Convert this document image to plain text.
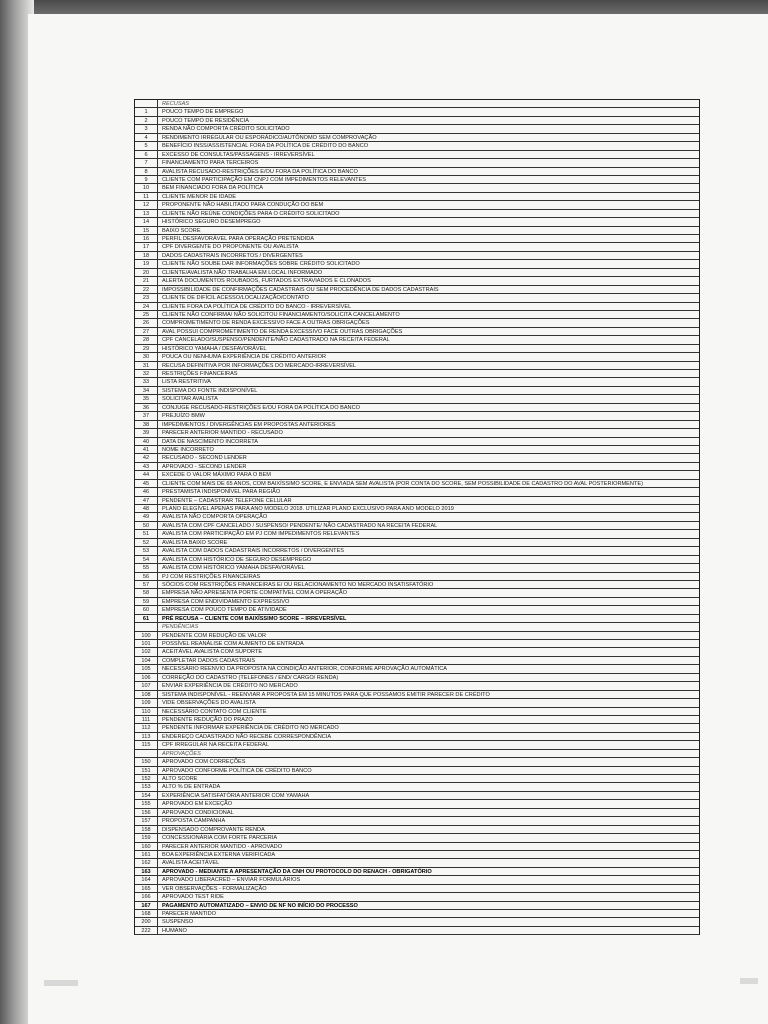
RECUSAS
1	POUCO TEMPO DE EMPREGO
2	POUCO TEMPO DE RESIDÊNCIA
3	RENDA NÃO COMPORTA CRÉDITO SOLICITADO
4	RENDIMENTO IRREGULAR OU ESPORÁDICO/AUTÔNOMO SEM COMPROVAÇÃO
5	BENEFÍCIO INSS/ASSISTENCIAL FORA DA POLÍTICA DE CRÉDITO DO BANCO
6	EXCESSO DE CONSULTAS/PASSAGENS - IRREVERSÍVEL
7	FINANCIAMENTO PARA TERCEIROS
8	AVALISTA RECUSADO-RESTRIÇÕES E/OU FORA DA POLÍTICA DO BANCO
9	CLIENTE COM PARTICIPAÇÃO EM CNPJ COM IMPEDIMENTOS RELEVANTES
10	BEM FINANCIADO FORA DA POLÍTICA
11	CLIENTE MENOR DE IDADE
12	PROPONENTE NÃO HABILITADO PARA CONDUÇÃO DO BEM
13	CLIENTE NÃO REÚNE CONDIÇÕES PARA O CRÉDITO SOLICITADO
14	HISTÓRICO SEGURO DESEMPREGO
15	BAIXO SCORE
16	PERFIL DESFAVORÁVEL PARA OPERAÇÃO PRETENDIDA
17	CPF DIVERGENTE DO PROPONENTE OU AVALISTA
18	DADOS CADASTRAIS INCORRETOS / DIVERGENTES
19	CLIENTE NÃO SOUBE DAR INFORMAÇÕES SOBRE CRÉDITO SOLICITADO
20	CLIENTE/AVALISTA NÃO TRABALHA EM LOCAL INFORMADO
21	ALERTA DOCUMENTOS ROUBADOS, FURTADOS EXTRAVIADOS E CLONADOS
22	IMPOSSIBILIDADE DE CONFIRMAÇÕES CADASTRAIS OU SEM PROCEDÊNCIA DE DADOS CADASTRAIS
23	CLIENTE DE DIFÍCIL ACESSO/LOCALIZAÇÃO/CONTATO
24	CLIENTE FORA DA POLÍTICA DE CRÉDITO DO BANCO - IRREVERSÍVEL
25	CLIENTE NÃO CONFIRMA/ NÃO SOLICITOU FINANCIAMENTO/SOLICITA CANCELAMENTO
26	COMPROMETIMENTO DE RENDA EXCESSIVO FACE A OUTRAS OBRIGAÇÕES
27	AVAL POSSUI COMPROMETIMENTO DE RENDA EXCESSIVO FACE OUTRAS OBRIGAÇÕES
28	CPF CANCELADO/SUSPENSO/PENDENTE/NÃO CADASTRADO NA RECEITA FEDERAL
29	HISTÓRICO YAMAHA / DESFAVORÁVEL
30	POUCA OU NENHUMA EXPERIÊNCIA DE CRÉDITO ANTERIOR
31	RECUSA DEFINITIVA POR INFORMAÇÕES DO MERCADO-IRREVERSÍVEL
32	RESTRIÇÕES FINANCEIRAS
33	LISTA RESTRITIVA
34	SISTEMA DO FONTE INDISPONÍVEL
35	SOLICITAR AVALISTA
36	CONJUGE RECUSADO-RESTRIÇÕES E/OU FORA DA POLÍTICA DO BANCO
37	PREJUÍZO BMW
38	IMPEDIMENTOS / DIVERGÊNCIAS EM PROPOSTAS ANTERIORES
39	PARECER ANTERIOR MANTIDO - RECUSADO
40	DATA DE NASCIMENTO INCORRETA
41	NOME INCORRETO
42	RECUSADO - SECOND LENDER
43	APROVADO - SECOND LENDER
44	EXCEDE O VALOR MÁXIMO PARA O BEM
45	CLIENTE COM MAIS DE 65 ANOS, COM BAIXÍSSIMO SCORE, E ENVIADA SEM AVALISTA (POR CONTA DO SCORE, SEM POSSIBILIDADE DE CADASTRO DO AVAL POSTERIORMENTE)
46	PRESTAMISTA INDISPONÍVEL PARA REGIÃO
47	PENDENTE – CADASTRAR TELEFONE CELULAR
48	PLANO ELEGÍVEL APENAS PARA ANO MODELO 2018. UTILIZAR PLANO EXCLUSIVO PARA ANO MODELO 2019
49	AVALISTA NÃO COMPORTA OPERAÇÃO
50	AVALISTA COM CPF CANCELADO / SUSPENSO/ PENDENTE/ NÃO CADASTRADO NA RECEITA FEDERAL
51	AVALISTA COM PARTICIPAÇÃO EM PJ COM IMPEDIMENTOS RELEVANTES
52	AVALISTA BAIXO SCORE
53	AVALISTA COM DADOS CADASTRAIS INCORRETOS / DIVERGENTES
54	AVALISTA COM HISTÓRICO DE SEGURO DESEMPREGO
55	AVALISTA COM HISTÓRICO YAMAHA DESFAVORÁVEL
56	PJ COM RESTRIÇÕES FINANCEIRAS
57	SÓCIOS COM RESTRIÇÕES FINANCEIRAS E/ OU RELACIONAMENTO NO MERCADO INSATISFATÓRIO
58	EMPRESA NÃO APRESENTA PORTE COMPATÍVEL COM A OPERAÇÃO
59	EMPRESA COM ENDIVIDAMENTO EXPRESSIVO
60	EMPRESA COM POUCO TEMPO DE ATIVIDADE
61	PRÉ RECUSA – CLIENTE COM BAIXÍSSIMO SCORE – IRREVERSÍVEL
PENDÊNCIAS
100	PENDENTE COM REDUÇÃO DE VALOR
101	POSSÍVEL REANÁLISE COM AUMENTO DE ENTRADA
102	ACEITÁVEL AVALISTA COM SUPORTE
104	COMPLETAR DADOS CADASTRAIS
105	NECESSÁRIO REENVIO DA PROPOSTA NA CONDIÇÃO ANTERIOR, CONFORME APROVAÇÃO AUTOMÁTICA
106	CORREÇÃO DO CADASTRO (TELEFONES / END/ CARGO/ RENDA)
107	ENVIAR EXPERIÊNCIA DE CRÉDITO NO MERCADO
108	SISTEMA INDISPONÍVEL - REENVIAR A PROPOSTA EM 15 MINUTOS PARA QUE POSSAMOS EMITIR PARECER DE CRÉDITO
109	VIDE OBSERVAÇÕES DO AVALISTA
110	NECESSÁRIO CONTATO COM CLIENTE
111	PENDENTE REDUÇÃO DO PRAZO
112	PENDENTE INFORMAR EXPERIÊNCIA DE CRÉDITO NO MERCADO
113	ENDEREÇO CADASTRADO NÃO RECEBE CORRESPONDÊNCIA
115	CPF IRREGULAR NA RECEITA FEDERAL
APROVAÇÕES
150	APROVADO COM CORREÇÕES
151	APROVADO CONFORME POLÍTICA DE CRÉDITO BANCO
152	ALTO SCORE
153	ALTO % DE ENTRADA
154	EXPERIÊNCIA SATISFATÓRIA ANTERIOR COM YAMAHA
155	APROVADO EM EXCEÇÃO
156	APROVADO CONDICIONAL
157	PROPOSTA CAMPANHA
158	DISPENSADO COMPROVANTE RENDA
159	CONCESSIONÁRIA COM FORTE PARCERIA
160	PARECER ANTERIOR MANTIDO - APROVADO
161	BOA EXPERIÊNCIA EXTERNA VERIFICADA
162	AVALISTA ACEITÁVEL
163	APROVADO - MEDIANTE A APRESENTAÇÃO DA CNH OU PROTOCOLO DO RENACH - OBRIGATÓRIO
164	APROVADO LIBERACRED – ENVIAR FORMULÁRIOS
165	VER OBSERVAÇÕES - FORMALIZAÇÃO
166	APROVADO TEST RIDE
167	PAGAMENTO AUTOMATIZADO – ENVIO DE NF NO INÍCIO DO PROCESSO
168	PARECER MANTIDO
200	SUSPENSO
222	HUMANO
